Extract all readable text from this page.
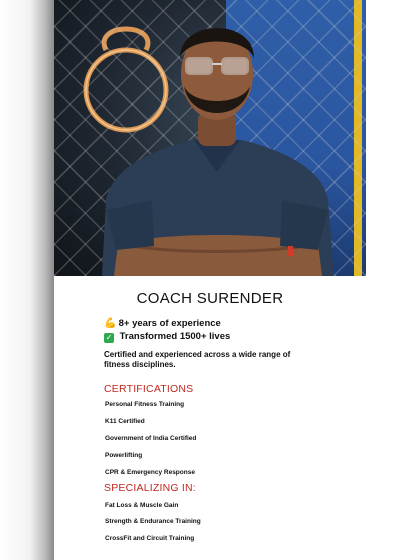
COACH SURENDER
💪 8+ years of experience
✓ Transformed 1500+ lives
Certified and experienced across a wide range of fitness disciplines.
CERTIFICATIONS
Personal Fitness Training
K11 Certified
Government of India Certified
Powerlifting
CPR & Emergency Response
SPECIALIZING IN:
Fat Loss & Muscle Gain
Strength & Endurance Training
CrossFit and Circuit Training
